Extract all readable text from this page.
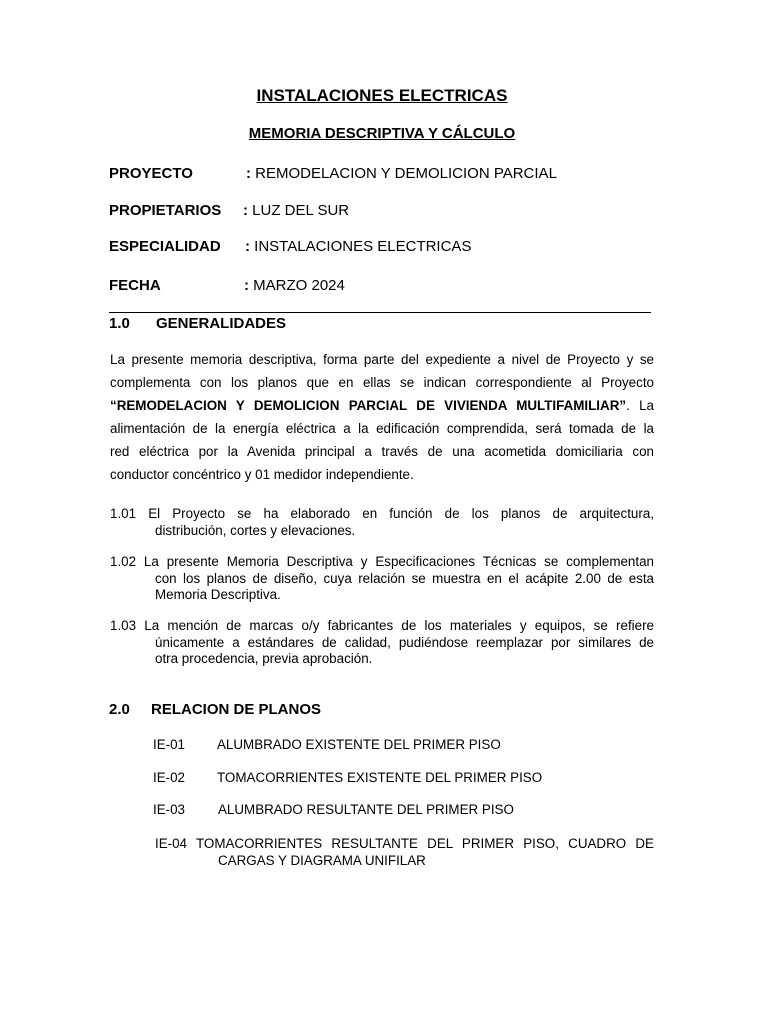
INSTALACIONES ELECTRICAS
MEMORIA DESCRIPTIVA Y CÁLCULO
PROYECTO	: REMODELACION Y DEMOLICION PARCIAL
PROPIETARIOS : LUZ DEL SUR
ESPECIALIDAD : INSTALACIONES ELECTRICAS
FECHA	: MARZO 2024
1.0 GENERALIDADES
La presente memoria descriptiva, forma parte del expediente a nivel de Proyecto y se
complementa con los planos que en ellas se indican correspondiente al Proyecto
“REMODELACION Y DEMOLICION PARCIAL DE VIVIENDA MULTIFAMILIAR”. La
alimentación de la energía eléctrica a la edificación comprendida, será tomada de la
red eléctrica por la Avenida principal a través de una acometida domiciliaria con
conductor concéntrico y 01 medidor independiente.
1.01 El Proyecto se ha elaborado en función de los planos de arquitectura,
distribución, cortes y elevaciones.
1.02 La presente Memoria Descriptiva y Especificaciones Técnicas se complementan
con los planos de diseño, cuya relación se muestra en el acápite 2.00 de esta
Memoria Descriptiva.
1.03 La mención de marcas o/y fabricantes de los materiales y equipos, se refiere
únicamente a estándares de calidad, pudiéndose reemplazar por similares de
otra procedencia, previa aprobación.
2.0 RELACION DE PLANOS
IE-01 ALUMBRADO EXISTENTE DEL PRIMER PISO
IE-02 TOMACORRIENTES EXISTENTE DEL PRIMER PISO
IE-03 ALUMBRADO RESULTANTE DEL PRIMER PISO
IE-04 TOMACORRIENTES RESULTANTE DEL PRIMER PISO, CUADRO DE
CARGAS Y DIAGRAMA UNIFILAR
